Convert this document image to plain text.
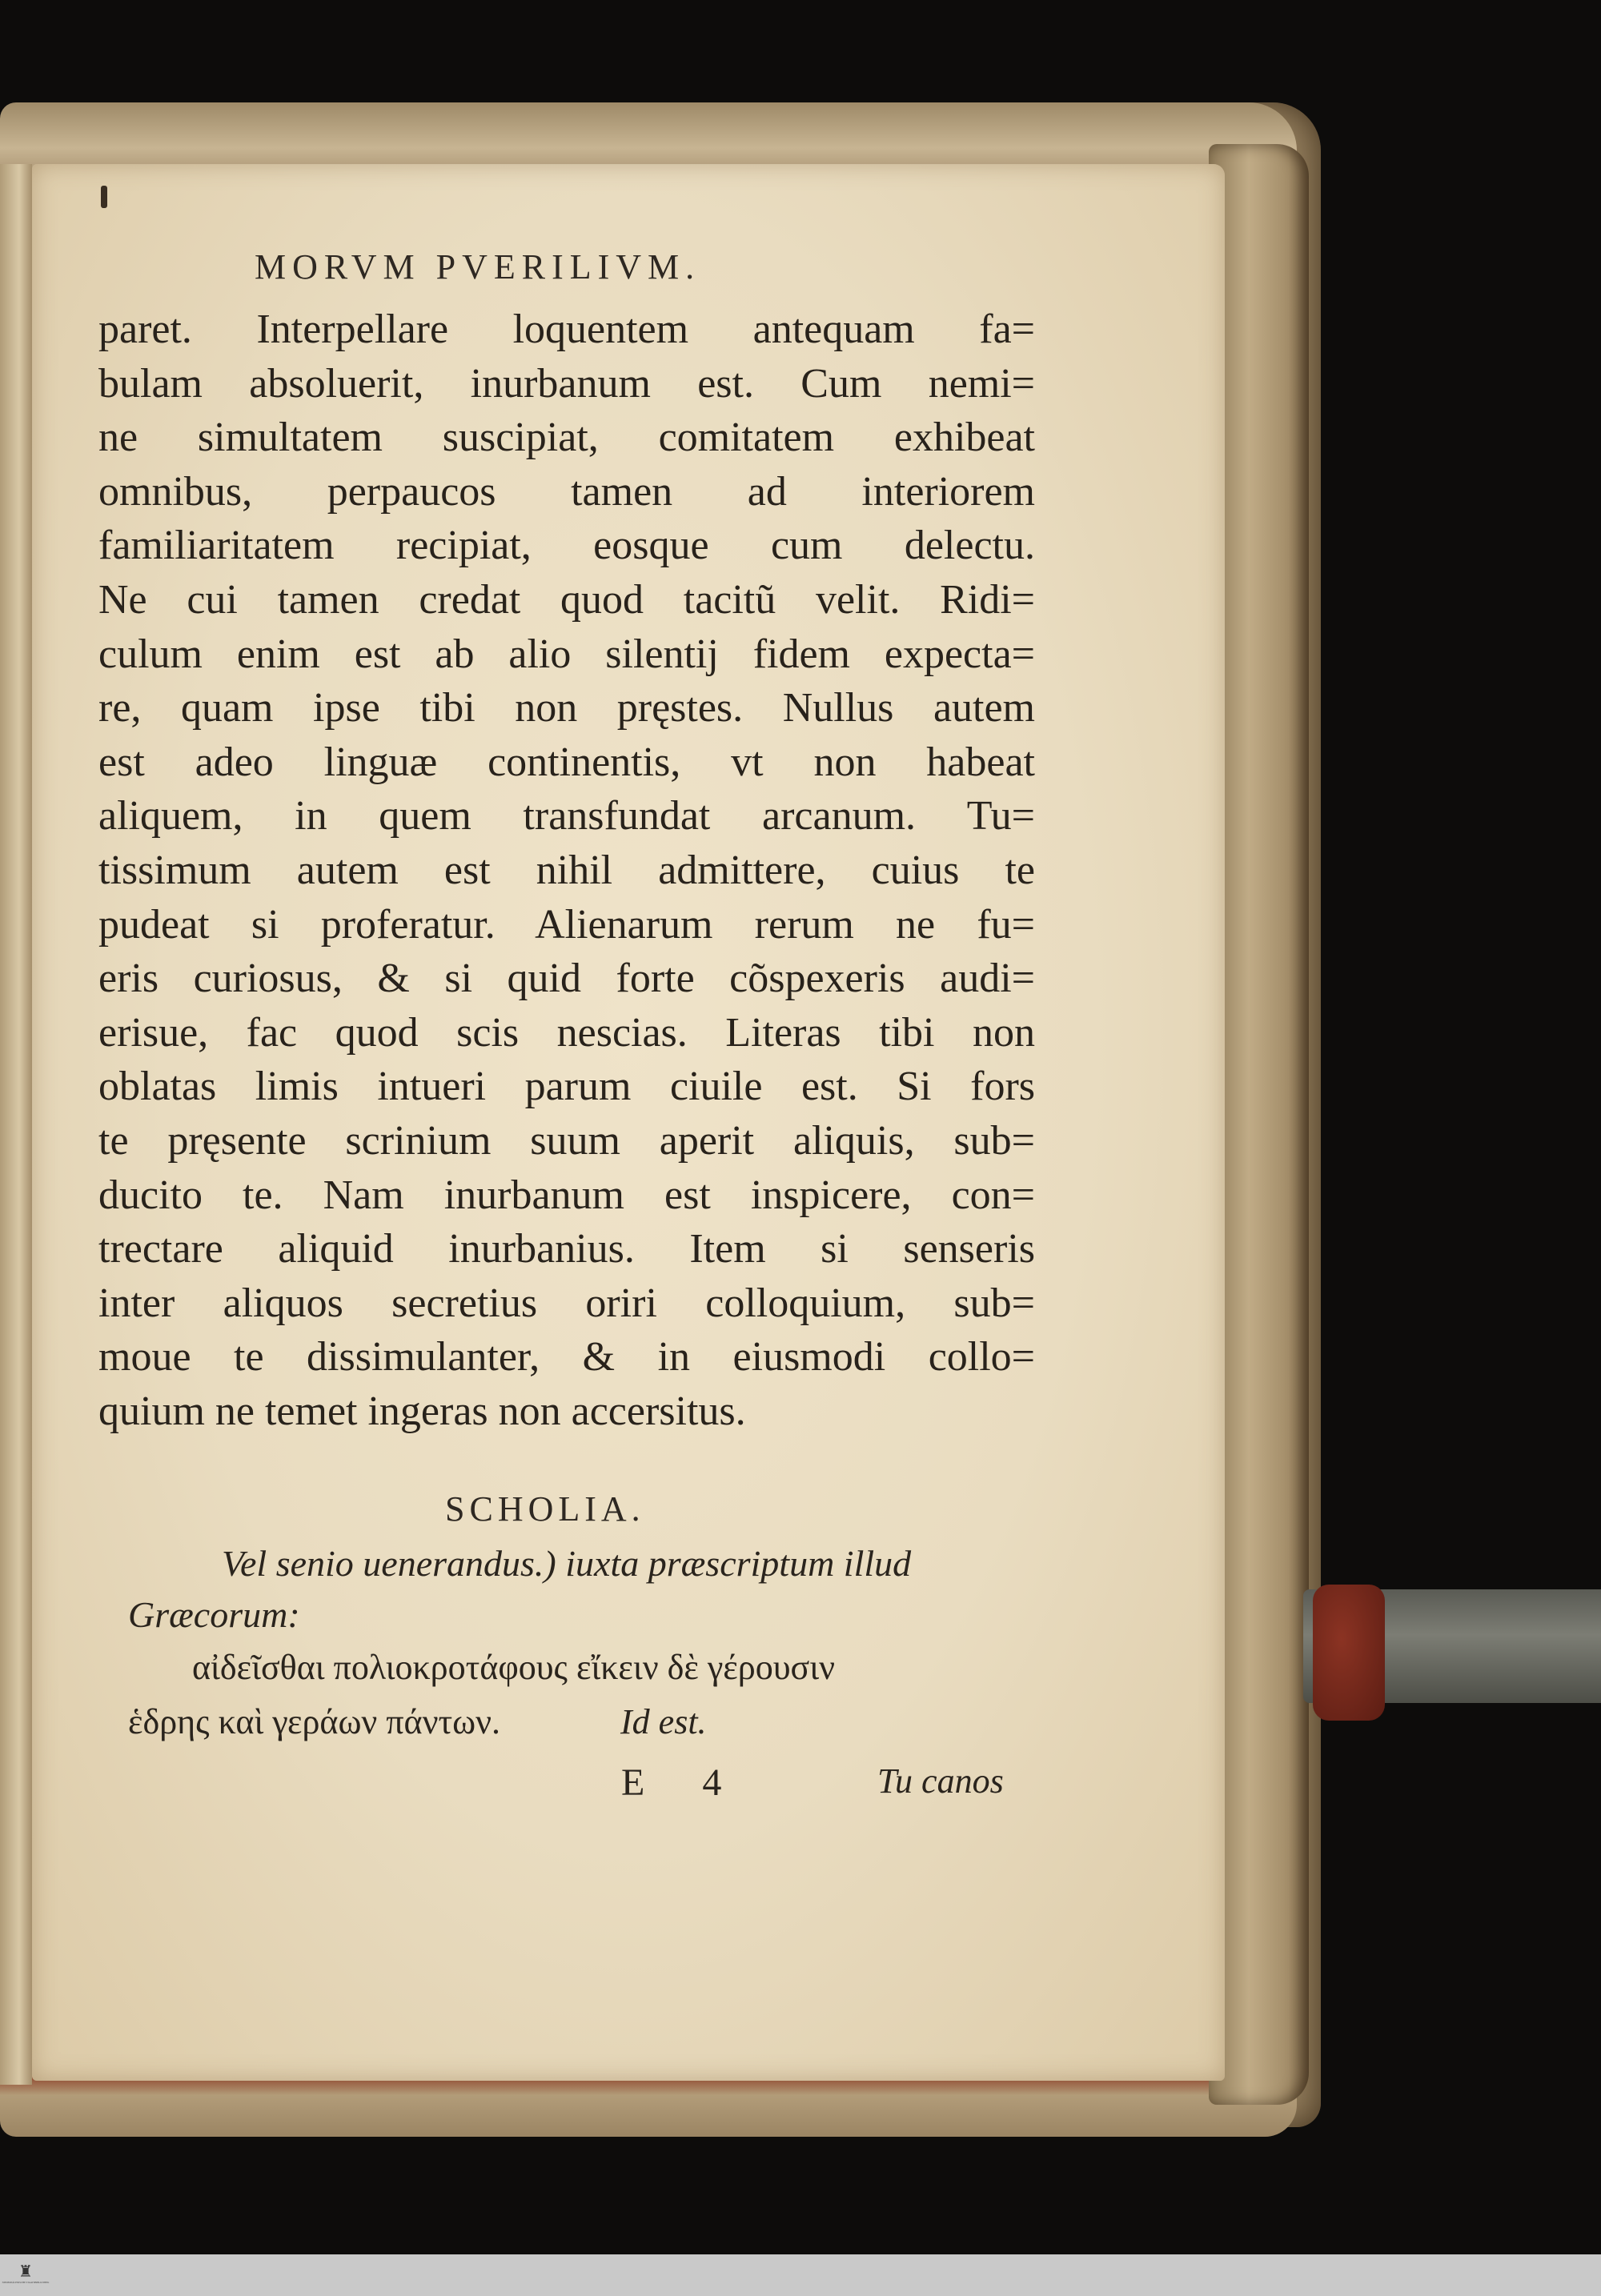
MORVM PVERILIVM.
paret. Interpellare loquentem antequam fa=
bulam absoluerit, inurbanum est. Cum nemi=
ne simultatem suscipiat, comitatem exhibeat
omnibus, perpaucos tamen ad interiorem
familiaritatem recipiat, eosque cum delectu.
Ne cui tamen credat quod tacitũ velit. Ridi=
culum enim est ab alio silentij fidem expecta=
re, quam ipse tibi non pręstes. Nullus autem
est adeo linguæ continentis, vt non habeat
aliquem, in quem transfundat arcanum. Tu=
tissimum autem est nihil admittere, cuius te
pudeat si proferatur. Alienarum rerum ne fu=
eris curiosus, & si quid forte cõspexeris audi=
erisue, fac quod scis nescias. Literas tibi non
oblatas limis intueri parum ciuile est. Si fors
te pręsente scrinium suum aperit aliquis, sub=
ducito te. Nam inurbanum est inspicere, con=
trectare aliquid inurbanius. Item si senseris
inter aliquos secretius oriri colloquium, sub=
moue te dissimulanter, & in eiusmodi collo=
quium ne temet ingeras non accersitus.
SCHOLIA.
Vel senio uenerandus.) iuxta præscriptum illud
Græcorum:
αἰδεῖσθαι πολιοκροτάφους εἴκειν δὲ γέρουσιν
ἑδρης καὶ γεράων πάντων.	Id est.
E 4	Tu canos
♜
NIEDERSÄCHSISCHE STAATSBIBLIOTHEK
